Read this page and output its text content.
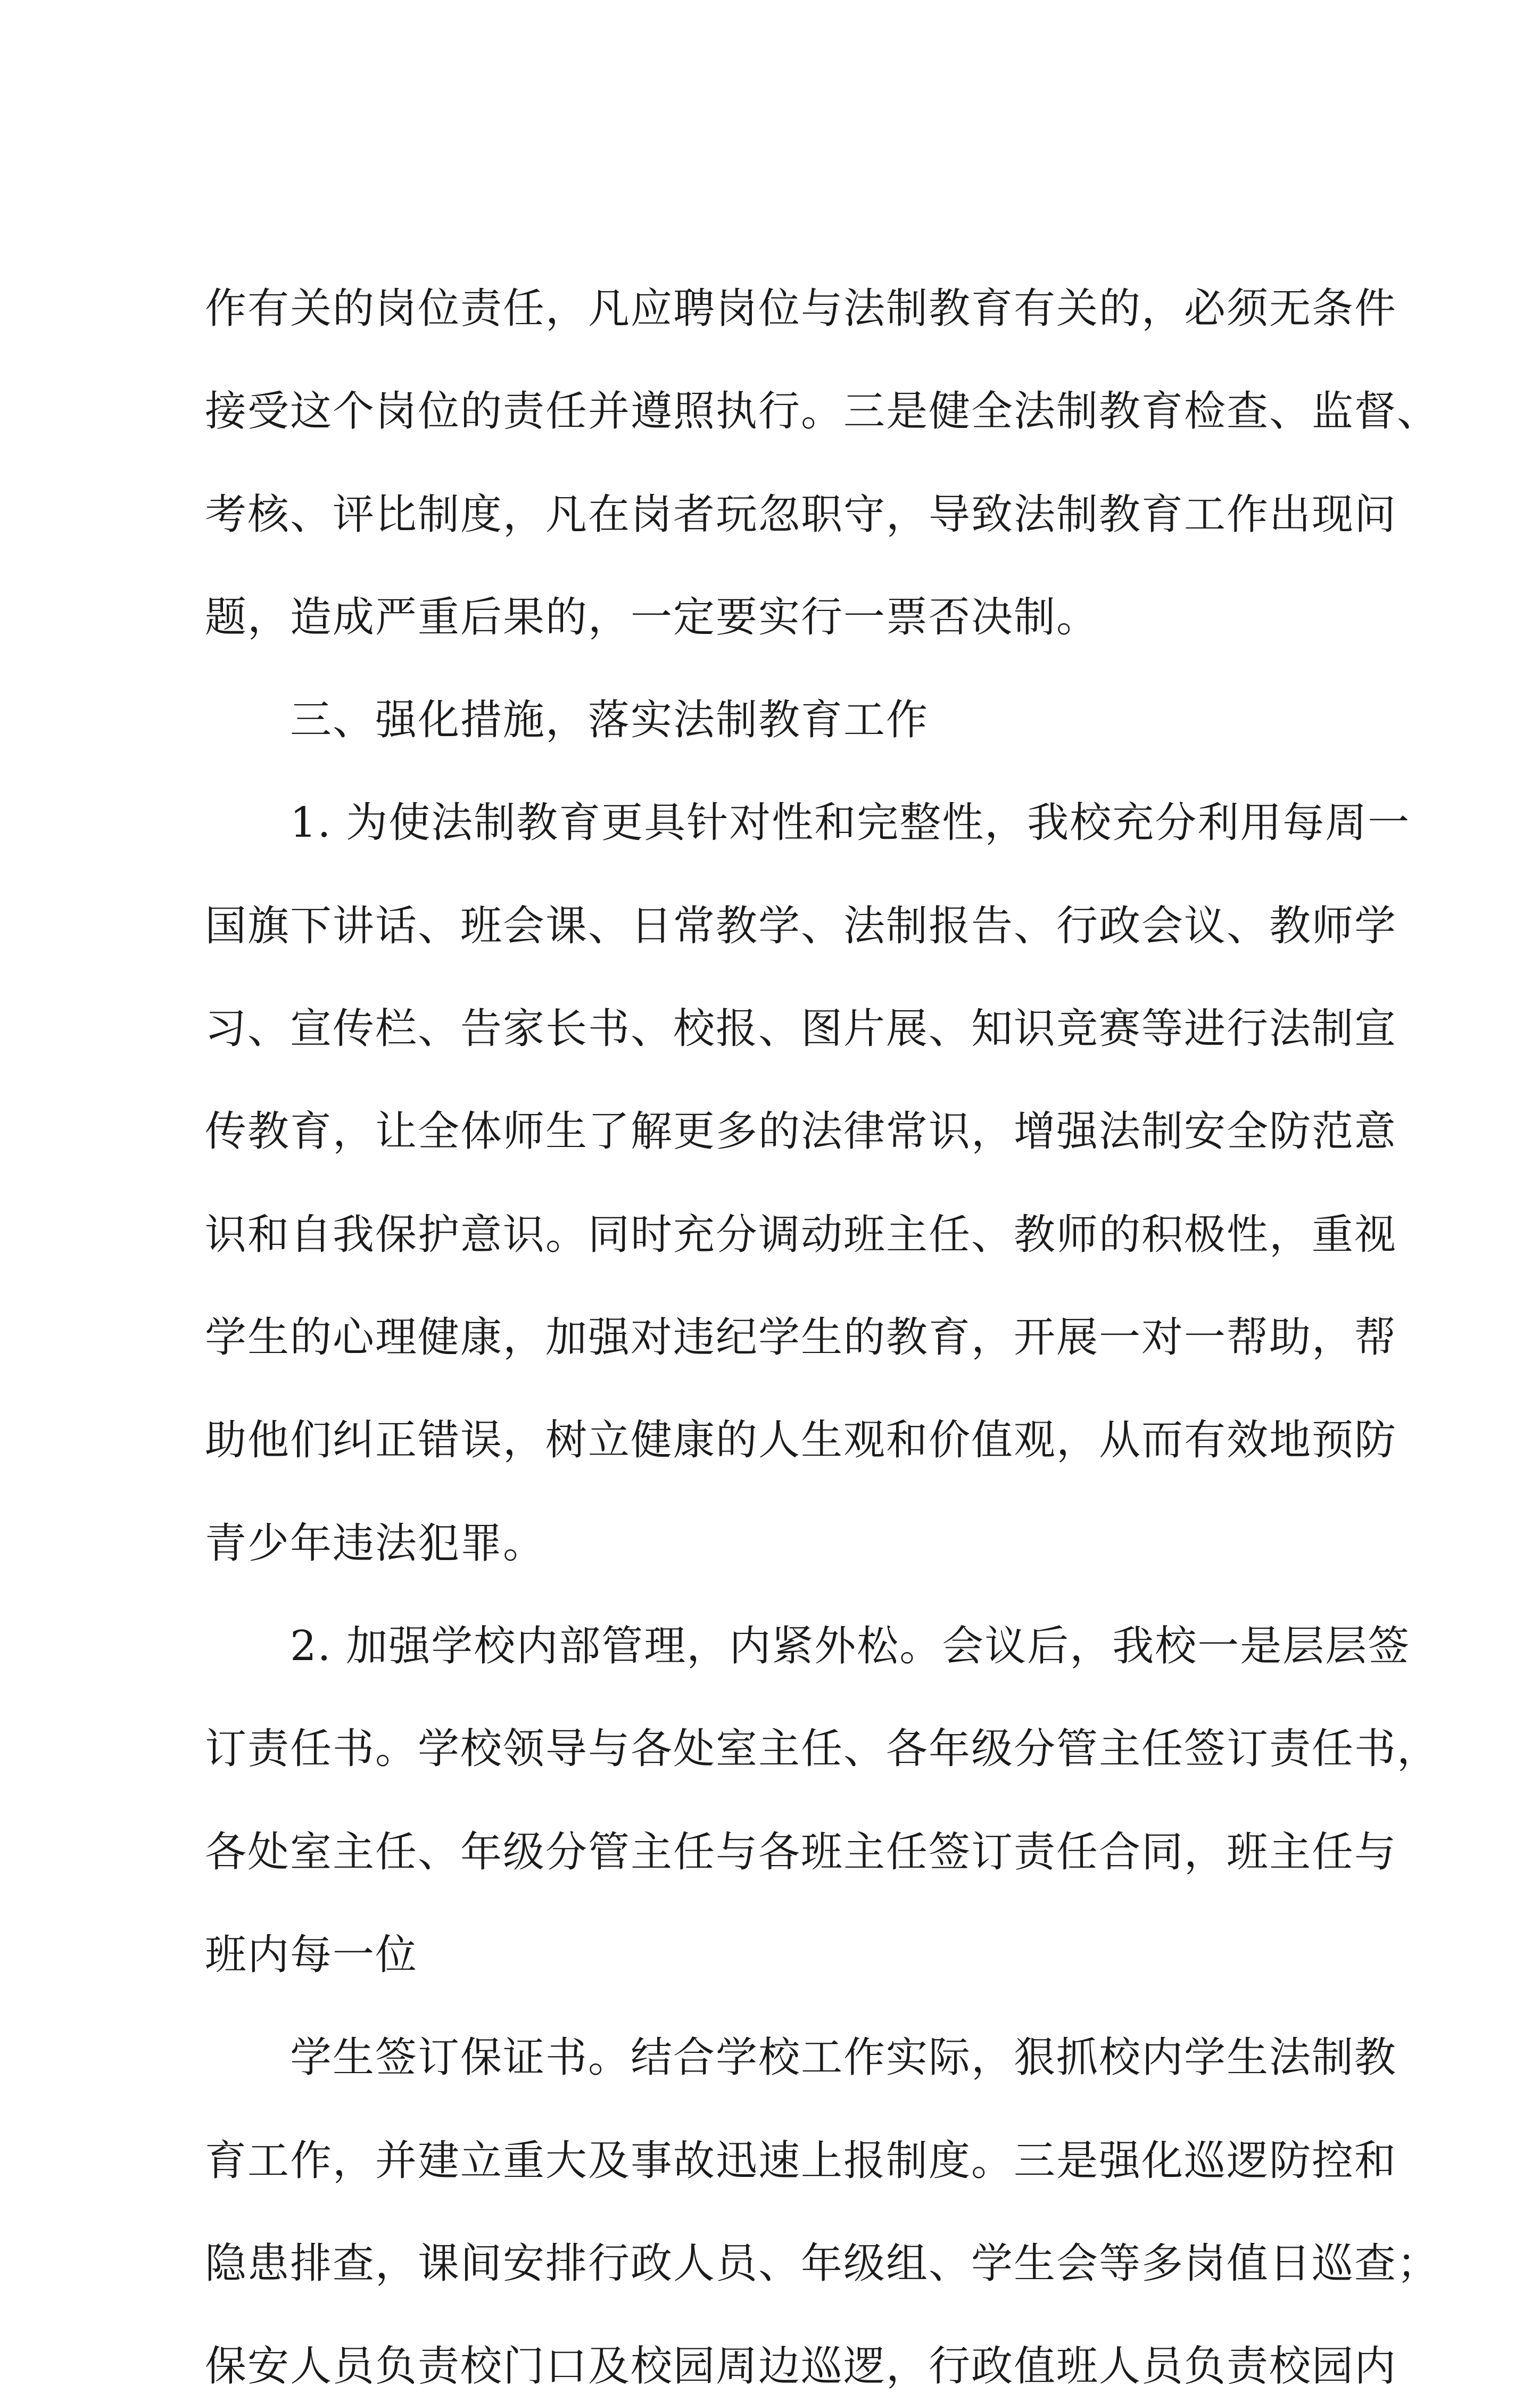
作有关的岗位责任，凡应聘岗位与法制教育有关的，必须无条件
接受这个岗位的责任并遵照执行。三是健全法制教育检查、监督、
考核、评比制度，凡在岗者玩忽职守，导致法制教育工作出现问
题，造成严重后果的，一定要实行一票否决制。
三、强化措施，落实法制教育工作
1. 为使法制教育更具针对性和完整性，我校充分利用每周一
国旗下讲话、班会课、日常教学、法制报告、行政会议、教师学
习、宣传栏、告家长书、校报、图片展、知识竞赛等进行法制宣
传教育，让全体师生了解更多的法律常识，增强法制安全防范意
识和自我保护意识。同时充分调动班主任、教师的积极性，重视
学生的心理健康，加强对违纪学生的教育，开展一对一帮助，帮
助他们纠正错误，树立健康的人生观和价值观，从而有效地预防
青少年违法犯罪。
2. 加强学校内部管理，内紧外松。会议后，我校一是层层签
订责任书。学校领导与各处室主任、各年级分管主任签订责任书，
各处室主任、年级分管主任与各班主任签订责任合同，班主任与
班内每一位
学生签订保证书。结合学校工作实际，狠抓校内学生法制教
育工作，并建立重大及事故迅速上报制度。三是强化巡逻防控和
隐患排查，课间安排行政人员、年级组、学生会等多岗值日巡查；
保安人员负责校门口及校园周边巡逻，行政值班人员负责校园内
